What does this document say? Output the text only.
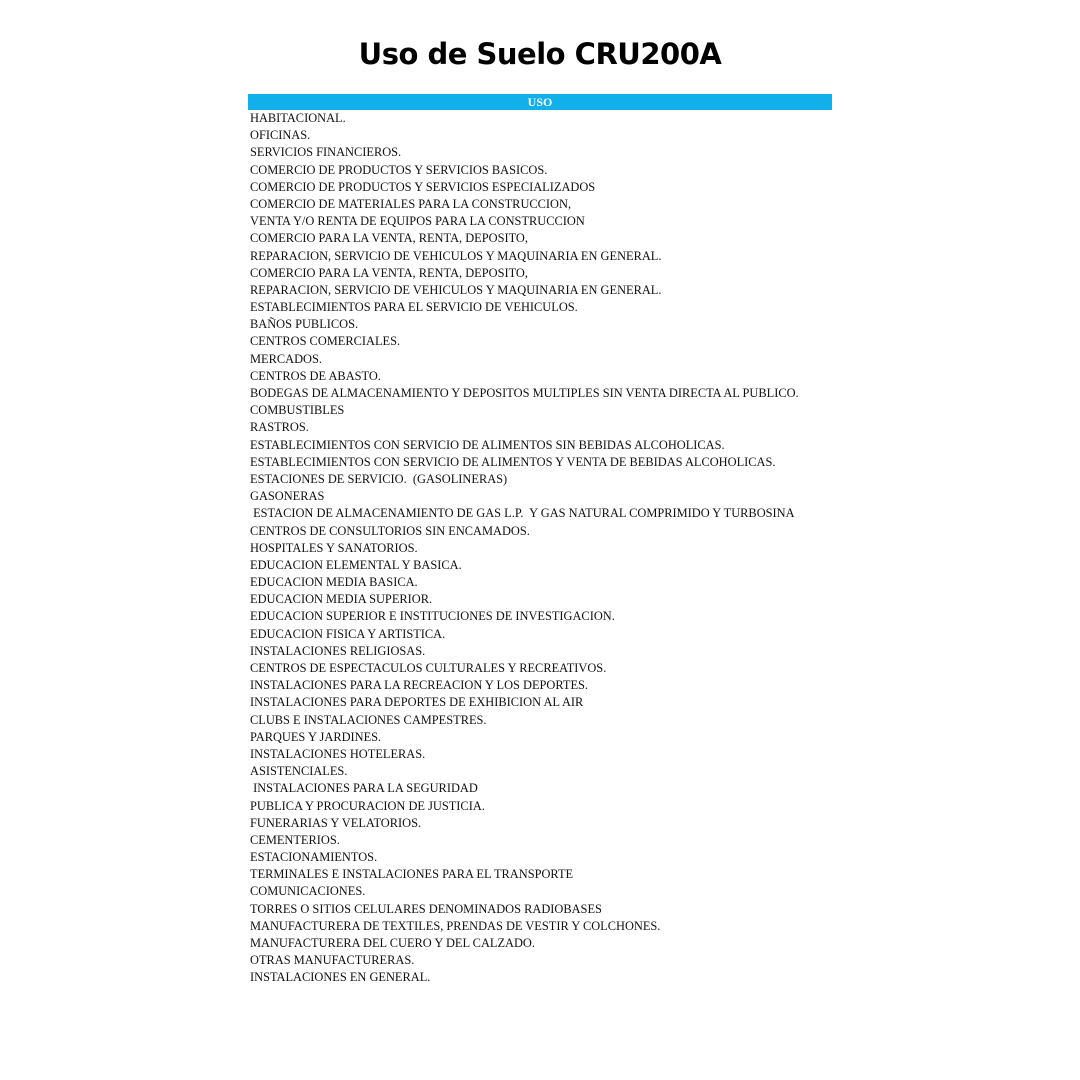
Uso de Suelo CRU200A
USO
HABITACIONAL.
OFICINAS.
SERVICIOS FINANCIEROS.
COMERCIO DE PRODUCTOS Y SERVICIOS BASICOS.
COMERCIO DE PRODUCTOS Y SERVICIOS ESPECIALIZADOS
COMERCIO DE MATERIALES PARA LA CONSTRUCCION,
VENTA Y/O RENTA DE EQUIPOS PARA LA CONSTRUCCION
COMERCIO PARA LA VENTA, RENTA, DEPOSITO,
REPARACION, SERVICIO DE VEHICULOS Y MAQUINARIA EN GENERAL.
COMERCIO PARA LA VENTA, RENTA, DEPOSITO,
REPARACION, SERVICIO DE VEHICULOS Y MAQUINARIA EN GENERAL.
ESTABLECIMIENTOS PARA EL SERVICIO DE VEHICULOS.
BAÑOS PUBLICOS.
CENTROS COMERCIALES.
MERCADOS.
CENTROS DE ABASTO.
BODEGAS DE ALMACENAMIENTO Y DEPOSITOS MULTIPLES SIN VENTA DIRECTA AL PUBLICO.
COMBUSTIBLES
RASTROS.
ESTABLECIMIENTOS CON SERVICIO DE ALIMENTOS SIN BEBIDAS ALCOHOLICAS.
ESTABLECIMIENTOS CON SERVICIO DE ALIMENTOS Y VENTA DE BEBIDAS ALCOHOLICAS.
ESTACIONES DE SERVICIO.  (GASOLINERAS)
GASONERAS
ESTACION DE ALMACENAMIENTO DE GAS L.P.  Y GAS NATURAL COMPRIMIDO Y TURBOSINA
CENTROS DE CONSULTORIOS SIN ENCAMADOS.
HOSPITALES Y SANATORIOS.
EDUCACION ELEMENTAL Y BASICA.
EDUCACION MEDIA BASICA.
EDUCACION MEDIA SUPERIOR.
EDUCACION SUPERIOR E INSTITUCIONES DE INVESTIGACION.
EDUCACION FISICA Y ARTISTICA.
INSTALACIONES RELIGIOSAS.
CENTROS DE ESPECTACULOS CULTURALES Y RECREATIVOS.
INSTALACIONES PARA LA RECREACION Y LOS DEPORTES.
INSTALACIONES PARA DEPORTES DE EXHIBICION AL AIR
CLUBS E INSTALACIONES CAMPESTRES.
PARQUES Y JARDINES.
INSTALACIONES HOTELERAS.
ASISTENCIALES.
INSTALACIONES PARA LA SEGURIDAD
PUBLICA Y PROCURACION DE JUSTICIA.
FUNERARIAS Y VELATORIOS.
CEMENTERIOS.
ESTACIONAMIENTOS.
TERMINALES E INSTALACIONES PARA EL TRANSPORTE
COMUNICACIONES.
TORRES O SITIOS CELULARES DENOMINADOS RADIOBASES
MANUFACTURERA DE TEXTILES, PRENDAS DE VESTIR Y COLCHONES.
MANUFACTURERA DEL CUERO Y DEL CALZADO.
OTRAS MANUFACTURERAS.
INSTALACIONES EN GENERAL.
